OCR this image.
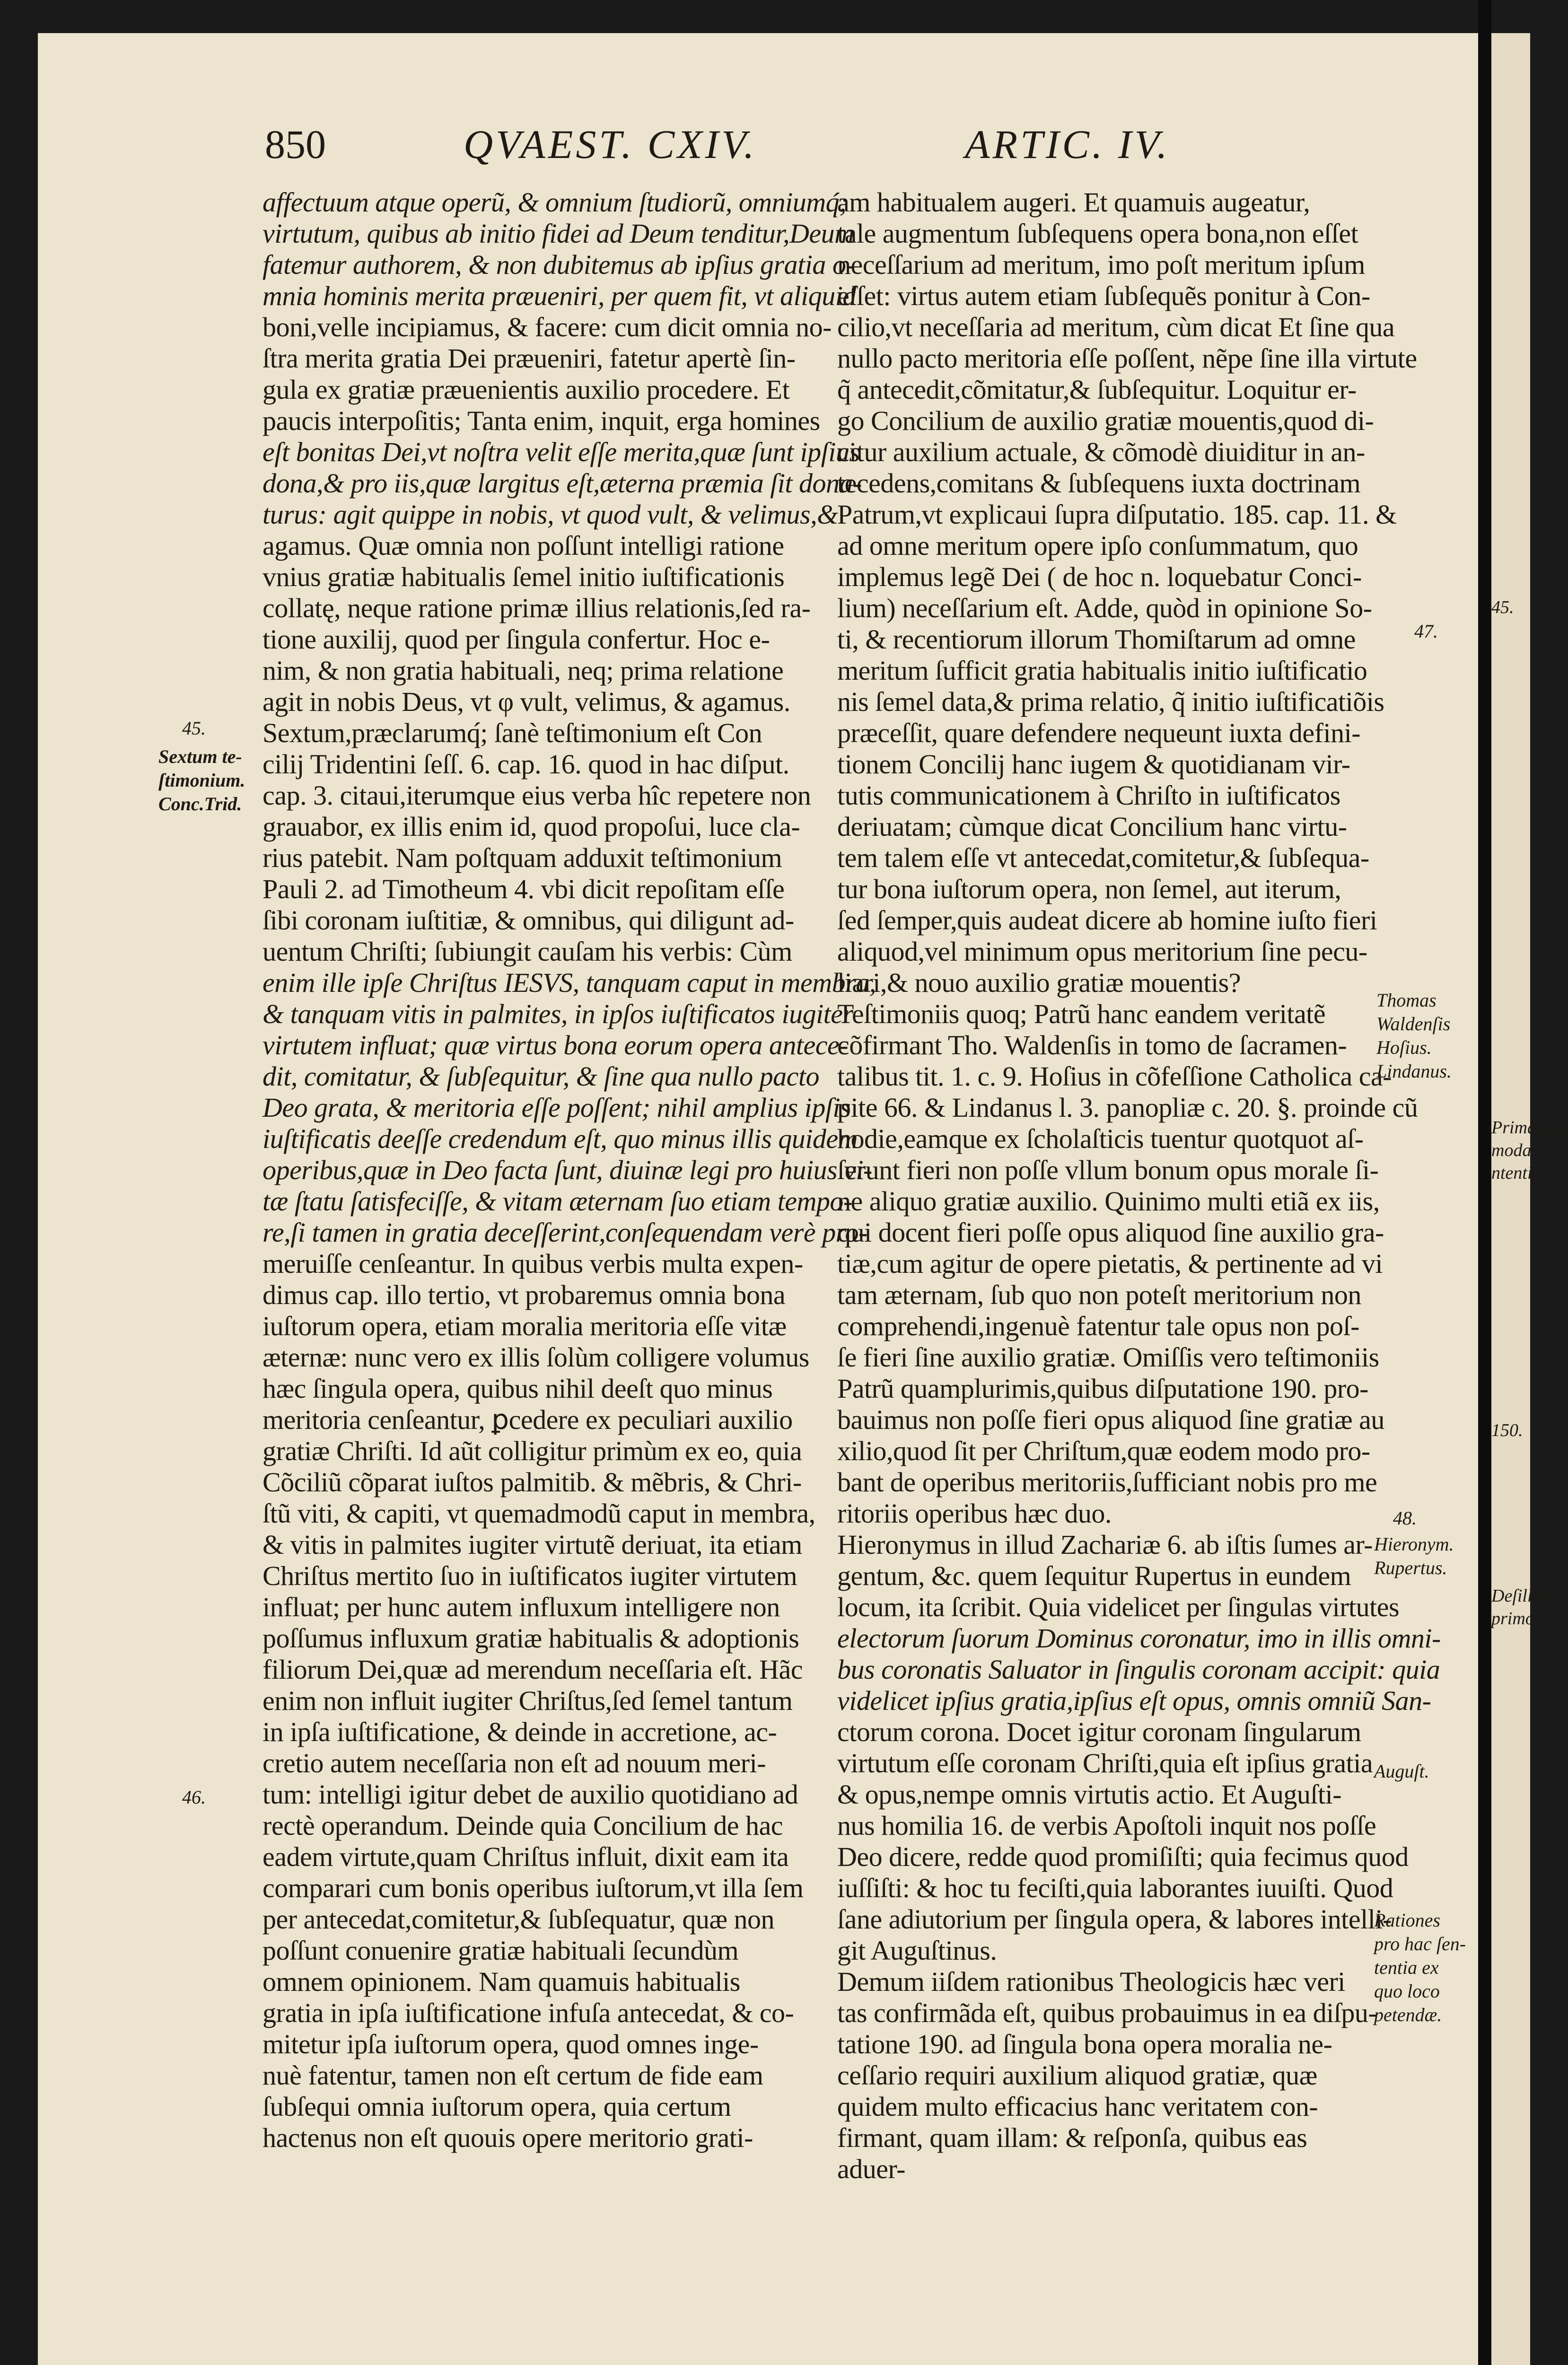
45.
Prima quo
modam
ntentia.
150.
Deſillitur
primo.
850	QVAEST. CXIV.	ARTIC. IV.
affectuum atque operũ, & omnium ſtudiorũ, omniumq́;
virtutum, quibus ab initio fidei ad Deum tenditur,Deum
fatemur authorem, & non dubitemus ab ipſius gratia o-
mnia hominis merita præueniri, per quem fit, vt aliquid
boni,velle incipiamus, & facere: cum dicit omnia no-
ſtra merita gratia Dei præueniri, fatetur apertè ſin-
gula ex gratiæ præuenientis auxilio procedere. Et
paucis interpoſitis; Tanta enim, inquit, erga homines
eſt bonitas Dei,vt noſtra velit eſſe merita,quæ ſunt ipſius
dona,& pro iis,quæ largitus eſt,æterna præmia ſit dona-
turus: agit quippe in nobis, vt quod vult, & velimus,&
agamus. Quæ omnia non poſſunt intelligi ratione
vnius gratiæ habitualis ſemel initio iuſtificationis
collatę, neque ratione primæ illius relationis,ſed ra-
tione auxilij, quod per ſingula confertur. Hoc e-
nim, & non gratia habituali, neq; prima relatione
agit in nobis Deus, vt φ vult, velimus, & agamus.
Sextum,præclarumq́; ſanè teſtimonium eſt Con
cilij Tridentini ſeſſ. 6. cap. 16. quod in hac diſput.
cap. 3. citaui,iterumque eius verba hîc repetere non
grauabor, ex illis enim id, quod propoſui, luce cla-
rius patebit. Nam poſtquam adduxit teſtimonium
Pauli 2. ad Timotheum 4. vbi dicit repoſitam eſſe
ſibi coronam iuſtitiæ, & omnibus, qui diligunt ad-
uentum Chriſti; ſubiungit cauſam his verbis: Cùm
enim ille ipſe Chriſtus IESVS, tanquam caput in membra,
& tanquam vitis in palmites, in ipſos iuſtificatos iugiter
virtutem influat; quæ virtus bona eorum opera antece-
dit, comitatur, & ſubſequitur, & ſine qua nullo pacto
Deo grata, & meritoria eſſe poſſent; nihil amplius ipſis
iuſtificatis deeſſe credendum eſt, quo minus illis quidem
operibus,quæ in Deo facta ſunt, diuinæ legi pro huius vi-
tæ ſtatu ſatisfeciſſe, & vitam æternam ſuo etiam tempo-
re,ſi tamen in gratia deceſſerint,conſequendam verè pro-
meruiſſe cenſeantur. In quibus verbis multa expen-
dimus cap. illo tertio, vt probaremus omnia bona
iuſtorum opera, etiam moralia meritoria eſſe vitæ
æternæ: nunc vero ex illis ſolùm colligere volumus
hæc ſingula opera, quibus nihil deeſt quo minus
meritoria cenſeantur, ꝑcedere ex peculiari auxilio
gratiæ Chriſti. Id aũt colligitur primùm ex eo, quia
Cõciliũ cõparat iuſtos palmitib. & mẽbris, & Chri-
ſtũ viti, & capiti, vt quemadmodũ caput in membra,
& vitis in palmites iugiter virtutẽ deriuat, ita etiam
Chriſtus mertito ſuo in iuſtificatos iugiter virtutem
influat; per hunc autem influxum intelligere non
poſſumus influxum gratiæ habitualis & adoptionis
filiorum Dei,quæ ad merendum neceſſaria eſt. Hãc
enim non influit iugiter Chriſtus,ſed ſemel tantum
in ipſa iuſtificatione, & deinde in accretione, ac-
cretio autem neceſſaria non eſt ad nouum meri-
tum: intelligi igitur debet de auxilio quotidiano ad
rectè operandum. Deinde quia Concilium de hac
eadem virtute,quam Chriſtus influit, dixit eam ita
comparari cum bonis operibus iuſtorum,vt illa ſem
per antecedat,comitetur,& ſubſequatur, quæ non
poſſunt conuenire gratiæ habituali ſecundùm
omnem opinionem. Nam quamuis habitualis
gratia in ipſa iuſtificatione infuſa antecedat, & co-
mitetur ipſa iuſtorum opera, quod omnes inge-
nuè fatentur, tamen non eſt certum de fide eam
ſubſequi omnia iuſtorum opera, quia certum
hactenus non eſt quouis opere meritorio grati-
am habitualem augeri. Et quamuis augeatur,
tale augmentum ſubſequens opera bona,non eſſet
neceſſarium ad meritum, imo poſt meritum ipſum
eſſet: virtus autem etiam ſubſequẽs ponitur à Con-
cilio,vt neceſſaria ad meritum, cùm dicat Et ſine qua
nullo pacto meritoria eſſe poſſent, nẽpe ſine illa virtute
q̃ antecedit,cõmitatur,& ſubſequitur. Loquitur er-
go Concilium de auxilio gratiæ mouentis,quod di-
citur auxilium actuale, & cõmodè diuiditur in an-
tecedens,comitans & ſubſequens iuxta doctrinam
Patrum,vt explicaui ſupra diſputatio. 185. cap. 11. &
ad omne meritum opere ipſo conſummatum, quo
implemus legẽ Dei ( de hoc n. loquebatur Conci-
lium) neceſſarium eſt. Adde, quòd in opinione So-
ti, & recentiorum illorum Thomiſtarum ad omne
meritum ſufficit gratia habitualis initio iuſtificatio
nis ſemel data,& prima relatio, q̃ initio iuſtificatiõis
præceſſit, quare defendere nequeunt iuxta defini-
tionem Concilij hanc iugem & quotidianam vir-
tutis communicationem à Chriſto in iuſtificatos
deriuatam; cùmque dicat Concilium hanc virtu-
tem talem eſſe vt antecedat,comitetur,& ſubſequa-
tur bona iuſtorum opera, non ſemel, aut iterum,
ſed ſemper,quis audeat dicere ab homine iuſto fieri
aliquod,vel minimum opus meritorium ſine pecu-
liari,& nouo auxilio gratiæ mouentis?
Teſtimoniis quoq; Patrũ hanc eandem veritatẽ
cõfirmant Tho. Waldenſis in tomo de ſacramen-
talibus tit. 1. c. 9. Hoſius in cõfeſſione Catholica ca-
pite 66. & Lindanus l. 3. panopliæ c. 20. §. proinde cũ
hodie,eamque ex ſcholaſticis tuentur quotquot aſ-
ſerunt fieri non poſſe vllum bonum opus morale ſi-
ne aliquo gratiæ auxilio. Quinimo multi etiã ex iis,
qui docent fieri poſſe opus aliquod ſine auxilio gra-
tiæ,cum agitur de opere pietatis, & pertinente ad vi
tam æternam, ſub quo non poteſt meritorium non
comprehendi,ingenuè fatentur tale opus non poſ-
ſe fieri ſine auxilio gratiæ. Omiſſis vero teſtimoniis
Patrũ quamplurimis,quibus diſputatione 190. pro-
bauimus non poſſe fieri opus aliquod ſine gratiæ au
xilio,quod ſit per Chriſtum,quæ eodem modo pro-
bant de operibus meritoriis,ſufficiant nobis pro me
ritoriis operibus hæc duo.
Hieronymus in illud Zachariæ 6. ab iſtis ſumes ar-
gentum, &c. quem ſequitur Rupertus in eundem
locum, ita ſcribit. Quia videlicet per ſingulas virtutes
electorum ſuorum Dominus coronatur, imo in illis omni-
bus coronatis Saluator in ſingulis coronam accipit: quia
videlicet ipſius gratia,ipſius eſt opus, omnis omniũ San-
ctorum corona. Docet igitur coronam ſingularum
virtutum eſſe coronam Chriſti,quia eſt ipſius gratia
& opus,nempe omnis virtutis actio. Et Auguſti-
nus homilia 16. de verbis Apoſtoli inquit nos poſſe
Deo dicere, redde quod promiſiſti; quia fecimus quod
iuſſiſti: & hoc tu feciſti,quia laborantes iuuiſti. Quod
ſane adiutorium per ſingula opera, & labores intelli-
git Auguſtinus.
Demum iiſdem rationibus Theologicis hæc veri
tas confirmãda eſt, quibus probauimus in ea diſpu-
tatione 190. ad ſingula bona opera moralia ne-
ceſſario requiri auxilium aliquod gratiæ, quæ
quidem multo efficacius hanc veritatem con-
firmant, quam illam: & reſponſa, quibus eas
aduer-
45.
Sextum te-
ſtimonium.
Conc.Trid.
46.
47.
Thomas
Waldenſis
Hoſius.
Lindanus.
48.
Hieronym.
Rupertus.
Auguſt.
Rationes
pro hac ſen-
tentia ex
quo loco
petendæ.
